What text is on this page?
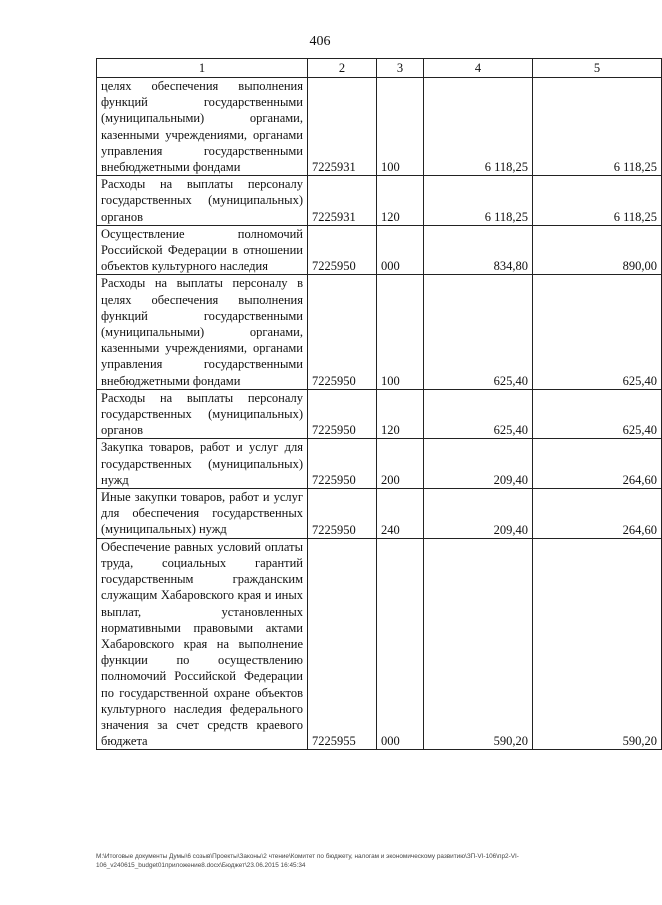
406
1	2	3	4	5
целях обеспечения выполнения функций государственными (муниципальными) органами, казенными учреждениями, органами управления государственными внебюджетными фондами	7225931	100	6 118,25	6 118,25
Расходы на выплаты персоналу государственных (муниципальных) органов	7225931	120	6 118,25	6 118,25
Осуществление полномочий Российской Федерации в отношении объектов культурного наследия	7225950	000	834,80	890,00
Расходы на выплаты персоналу в целях обеспечения выполнения функций государственными (муниципальными) органами, казенными учреждениями, органами управления государственными внебюджетными фондами	7225950	100	625,40	625,40
Расходы на выплаты персоналу государственных (муниципальных) органов	7225950	120	625,40	625,40
Закупка товаров, работ и услуг для государственных (муниципальных) нужд	7225950	200	209,40	264,60
Иные закупки товаров, работ и услуг для обеспечения государственных (муниципальных) нужд	7225950	240	209,40	264,60
Обеспечение равных условий оплаты труда, социальных гарантий государственным гражданским служащим Хабаровского края и иных выплат, установленных нормативными правовыми актами Хабаровского края на выполнение функции по осуществлению полномочий Российской Федерации по государственной охране объектов культурного наследия федерального значения за счет средств краевого бюджета	7225955	000	590,20	590,20
M:\Итоговые документы Думы\6 созыв\Проекты\Законы\2 чтение\Комитет по бюджету, налогам и экономическому развитию\ЗП-VI-106\пр2-VI-106_v240615_budget01приложение8.docx\Бюджет\23.06.2015 16:45:34
